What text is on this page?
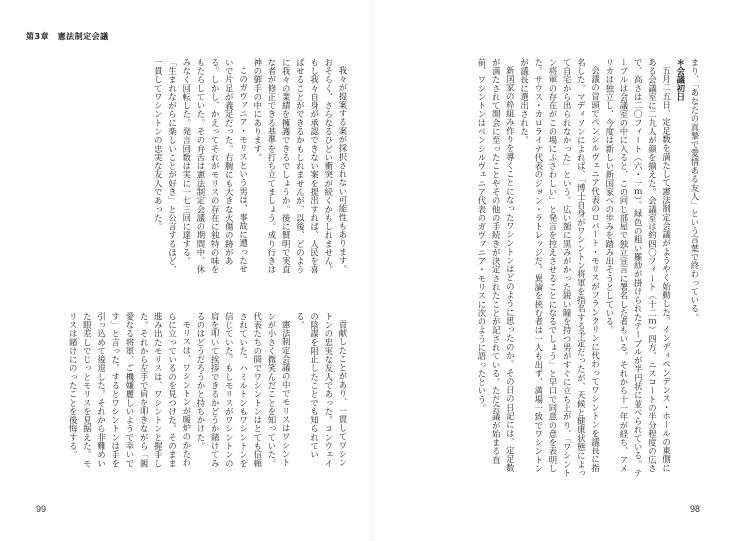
第3章　憲法制定会議

まり、「あなたの真摯で愛情ある友人」という言葉で終わっている。

＊会議初日

五月二五日、定足数を満たして憲法制定会議がようやく始動した。インディペンデンス・ホールの東側にある会議室に二九人が顔を揃えた。会議室は約四〇フィート（十二ｍ）四方、ニスコートの半分程度の広さで、高さは二〇フィート（六・一ｍ）。緑色の粗い羅紗が掛けられたテーブルが半円状に並べられている。テーブルは会議室の中に入ると、この同じ部屋で独立宣言に署名した者もいる。それから十一年が経ち、アメリカは独立し、今度は新しい新国家への歩みを踏み出そうとしている。

会議の冒頭でペンシルヴェニア代表のロバート・モリスがフランクリンに代わってワシントンを議長に指名した。マディソンによれば、「博士自身がワシントン将軍を指名する予定だったが、天候と健康状態によって自宅から出られなかった」という。広い額に黒みがかった鋭い瞳を持つ男がすぐに立ち上がり、「ワシントン将軍の存在がこの場にふさわしい」と発言を控えさせることになるでしょう」と早口で同意の意を表明した。サウス・カロライナ代表のジョン・ラトレッジだ。異論を挟む者は一人も出ず、満場一致でワシントンが議長に選出された。

新国家の枠組み作りを導くことになったワシントンはどのように思ったのか。その日の日記には、定足数が満たされて開会に至ったことやその他の手続きが決定されたことが記されている。ただ会議が始まる直前、ワシントンはペンシルヴェニア代表のガヴァニア・モリスに次のように語ったという。

我々が提案する案が採択されない可能性もあります。おそらく、さらなるひどい衝突が続くかもしれません。もし我々自身が承認できない案を提出すれば、人民を喜ばせることができるかもしれませんが、以後、どのように我々の業績を擁護できるでしょうか。後に賢明で実直な者が修正できる基準を打ち立てましょう。成り行きは神の御手の中にあります。

このガヴァニア・モリスという男は、事故に遭ったせいで片足が義足だった。右腕にも大きな火傷の跡がある。しかし、かえってそれがモリスの存在に独特の味をもたらしていた。その弁舌は憲法制定会議の期間中、休みなく回転した。発言回数は実に一七三回に達する。「生まれながらに楽しいことが好き」と公言するほど、一貫してワシントンの忠実な友人であった。

貢献したことがあり、一貫してワシントンの忠実な友人であった。コンウェイの陰謀を阻止したことでも知られている。

憲法制定会議の中でモリスはワシントンが小さく微笑んだことを知っていた。代表たちの間でワシントンはとても信頼されていた。ハミルトンもワシントンを信じていた。もしモリスがワシントンの肩を叩いて挨拶できるかどうか賭けてみるのはどうだろうかと持ちかけた。

モリスは、ワシントンが暖炉のかたわらに立っているのを見つけた。そのまま進み出たモリスは、ワシントンと握手した。それから左手で肩を叩きながら「親愛なる将軍、ご機嫌麗しいようで幸いです」と言った。するとワシントンは手を引っ込めて後退した。それから非難めいた眼差しでじっとモリスを見据えた。モリスは賭けにのったことを後悔する。

99	98
